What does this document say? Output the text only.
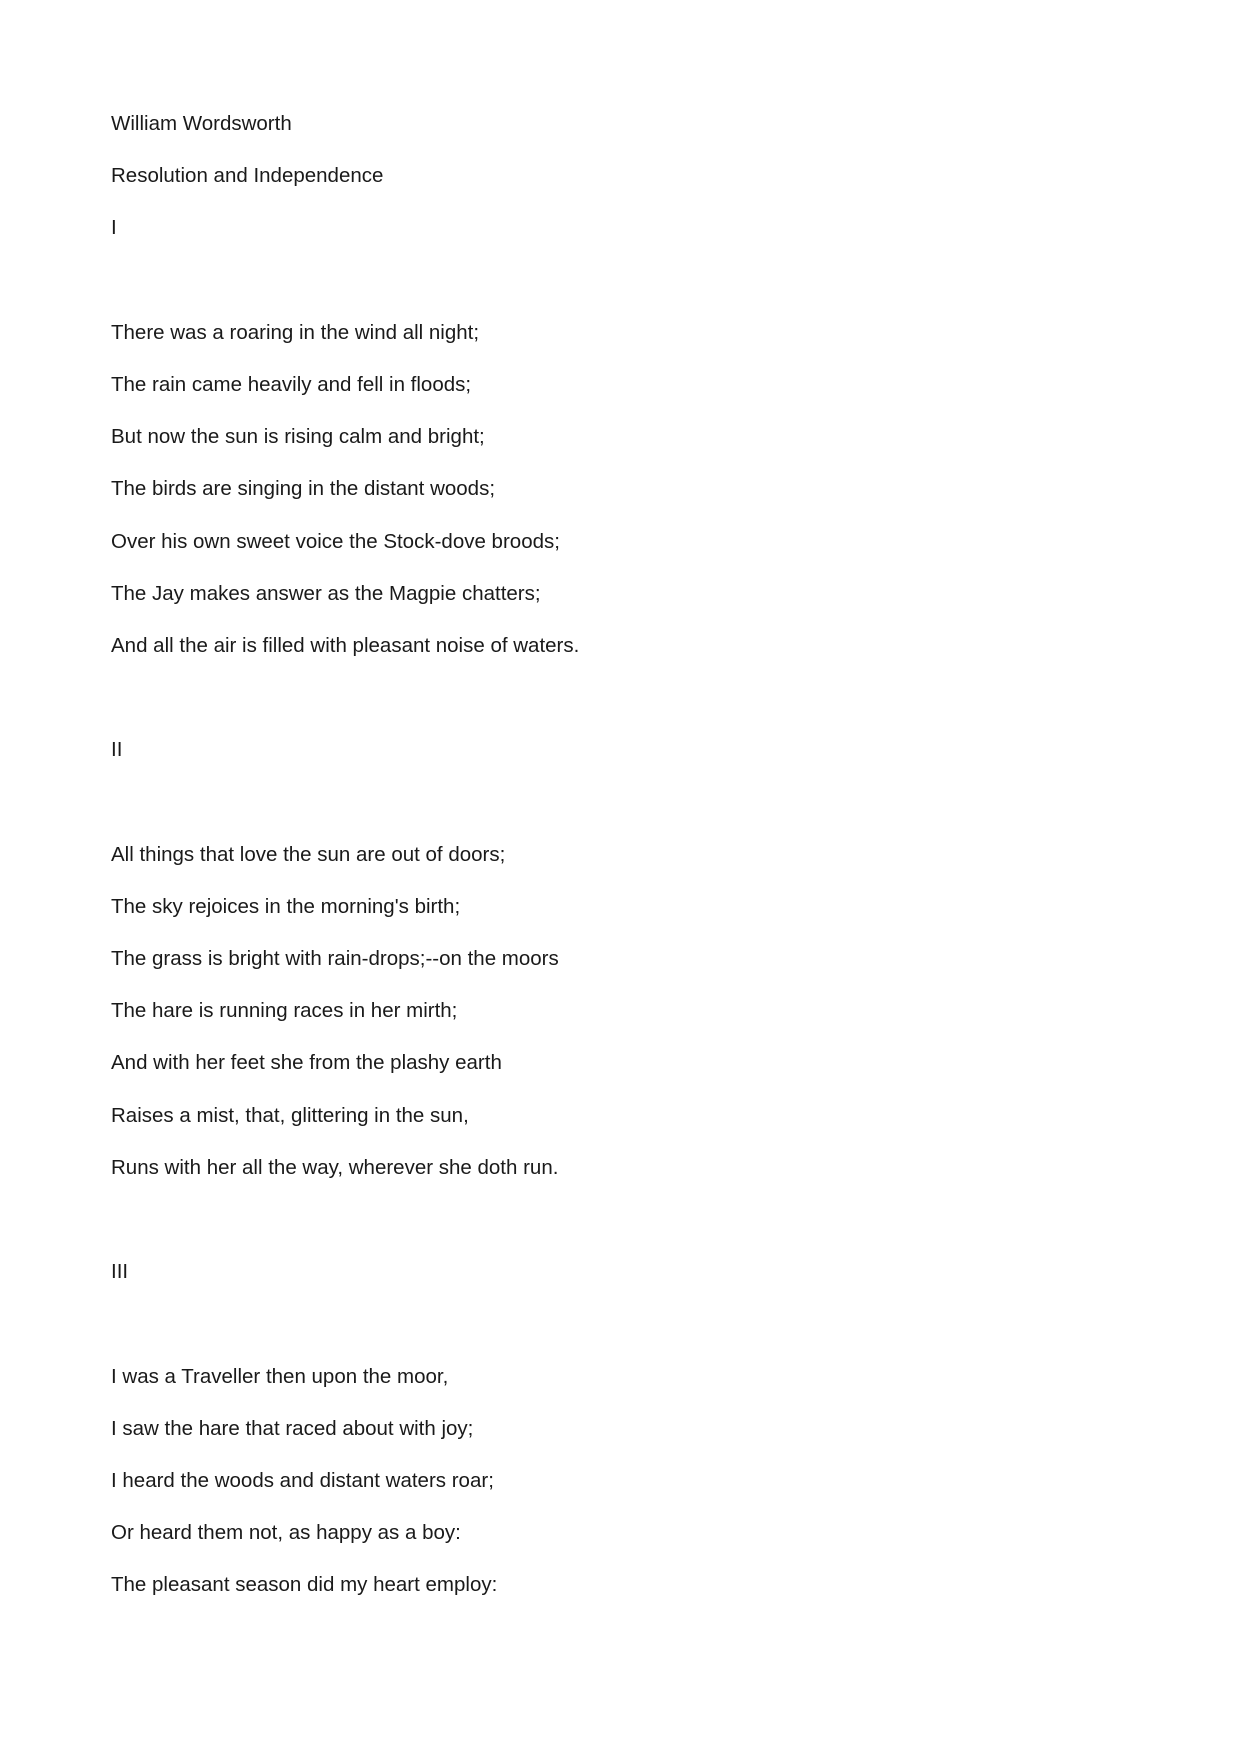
William Wordsworth
Resolution and Independence
I
There was a roaring in the wind all night;
The rain came heavily and fell in floods;
But now the sun is rising calm and bright;
The birds are singing in the distant woods;
Over his own sweet voice the Stock-dove broods;
The Jay makes answer as the Magpie chatters;
And all the air is filled with pleasant noise of waters.
II
All things that love the sun are out of doors;
The sky rejoices in the morning's birth;
The grass is bright with rain-drops;--on the moors
The hare is running races in her mirth;
And with her feet she from the plashy earth
Raises a mist, that, glittering in the sun,
Runs with her all the way, wherever she doth run.
III
I was a Traveller then upon the moor,
I saw the hare that raced about with joy;
I heard the woods and distant waters roar;
Or heard them not, as happy as a boy:
The pleasant season did my heart employ:
